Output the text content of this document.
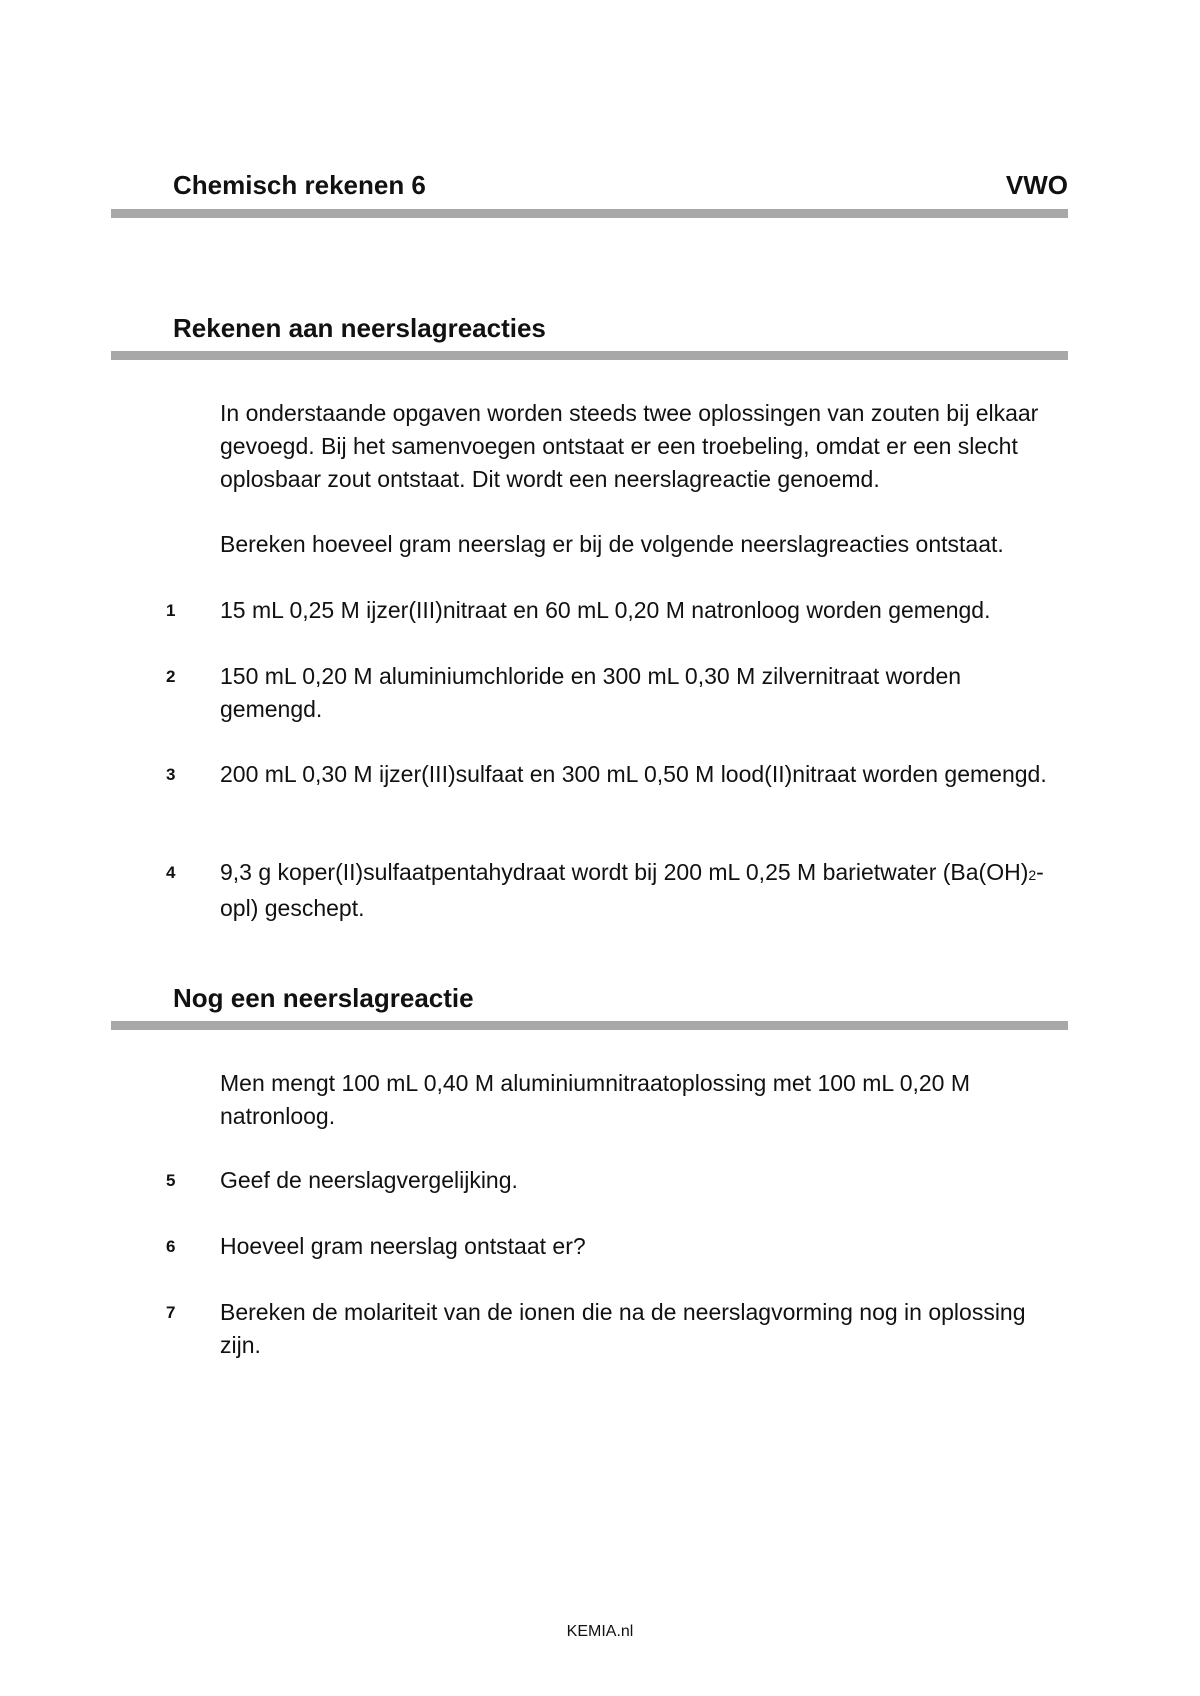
Chemisch rekenen 6	VWO
Rekenen aan neerslagreacties
In onderstaande opgaven worden steeds twee oplossingen van zouten bij elkaar gevoegd. Bij het samenvoegen ontstaat er een troebeling, omdat er een slecht oplosbaar zout ontstaat. Dit wordt een neerslagreactie genoemd.
Bereken hoeveel gram neerslag er bij de volgende neerslagreacties ontstaat.
1 15 mL 0,25 M ijzer(III)nitraat en 60 mL 0,20 M natronloog worden gemengd.
2 150 mL 0,20 M aluminiumchloride en 300 mL 0,30 M zilvernitraat worden gemengd.
3 200 mL 0,30 M ijzer(III)sulfaat en 300 mL 0,50 M lood(II)nitraat worden gemengd.
4 9,3 g koper(II)sulfaatpentahydraat wordt bij 200 mL 0,25 M barietwater (Ba(OH)2-opl) geschept.
Nog een neerslagreactie
Men mengt 100 mL 0,40 M aluminiumnitraatoplossing met 100 mL 0,20 M natronloog.
5 Geef de neerslagvergelijking.
6 Hoeveel gram neerslag ontstaat er?
7 Bereken de molariteit van de ionen die na de neerslagvorming nog in oplossing zijn.
KEMIA.nl
